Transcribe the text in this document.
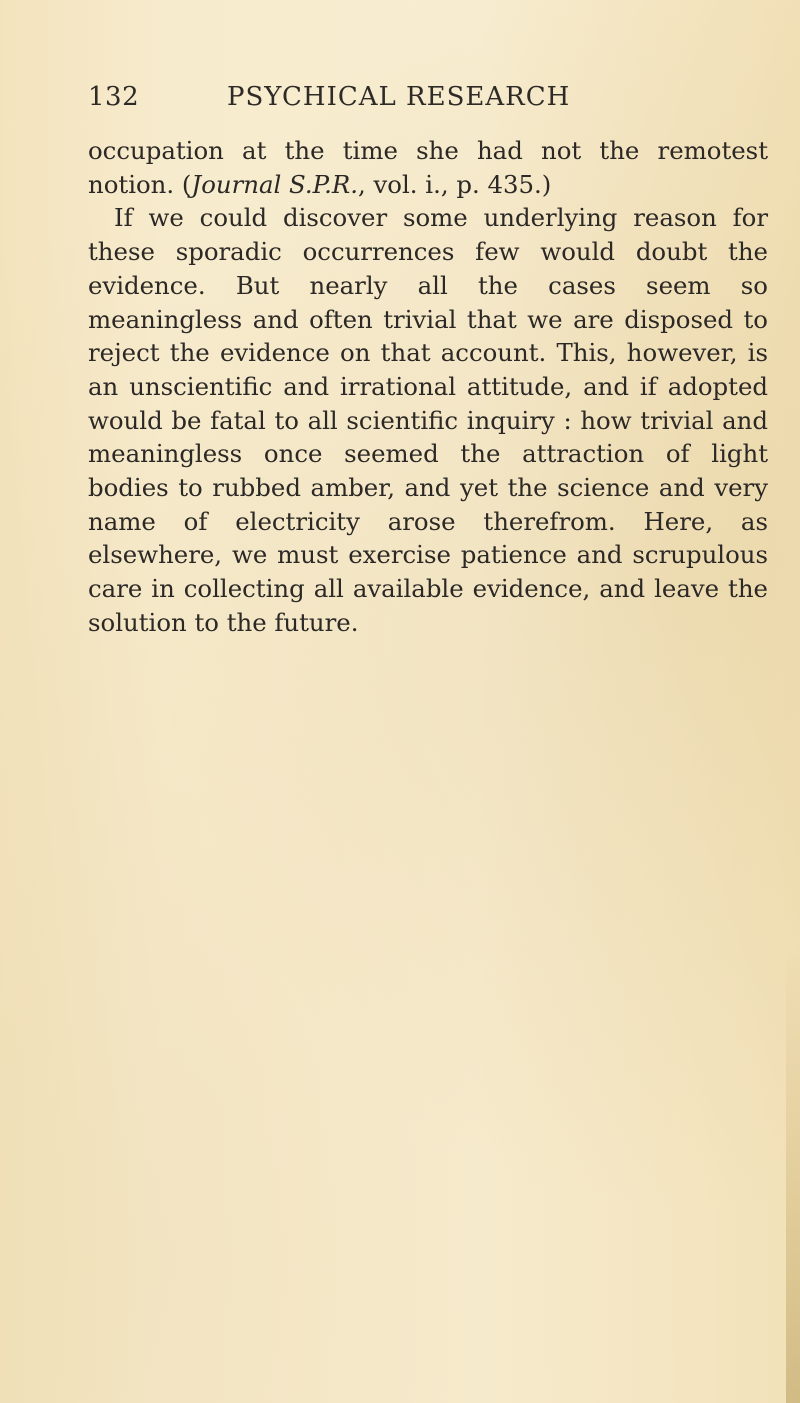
132	PSYCHICAL RESEARCH

occupation at the time she had not the remotest notion. (Journal S.P.R., vol. i., p. 435.)

If we could discover some underlying reason for these sporadic occurrences few would doubt the evidence. But nearly all the cases seem so meaningless and often trivial that we are disposed to reject the evidence on that account. This, however, is an unscientific and irrational attitude, and if adopted would be fatal to all scientific inquiry : how trivial and meaningless once seemed the attraction of light bodies to rubbed amber, and yet the science and very name of electricity arose therefrom. Here, as elsewhere, we must exercise patience and scrupulous care in collecting all available evidence, and leave the solution to the future.
